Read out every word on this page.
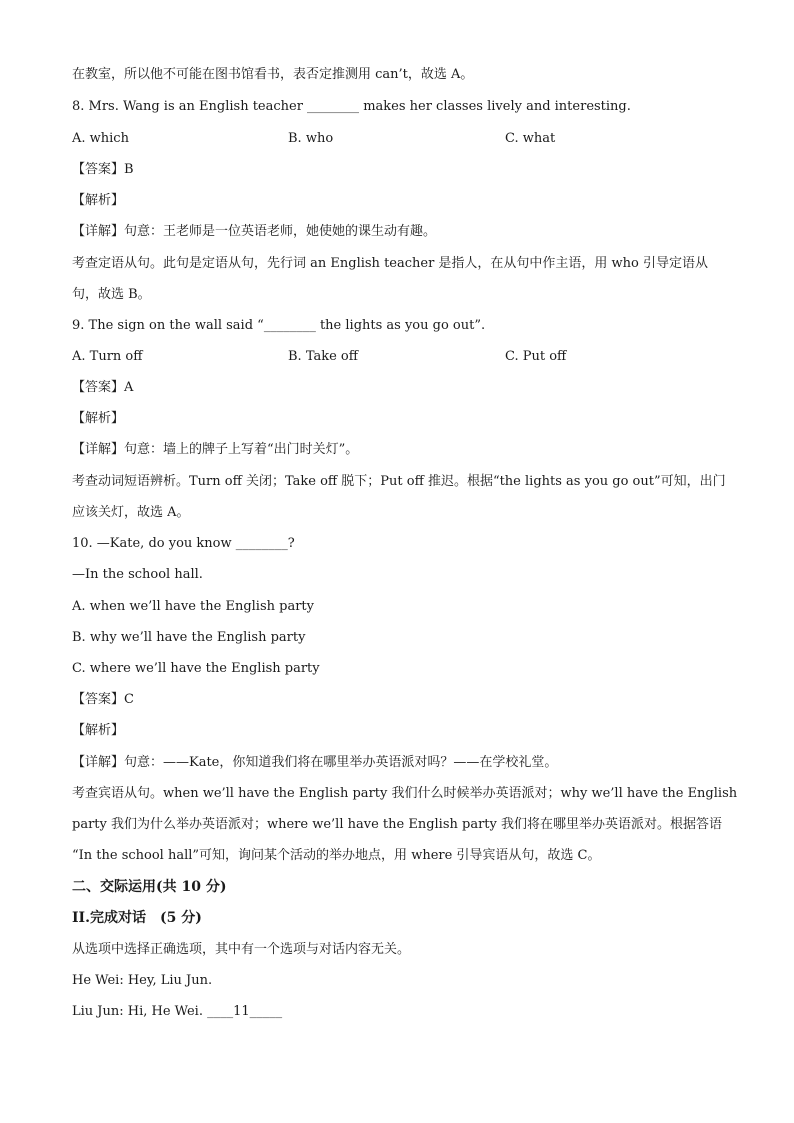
在教室，所以他不可能在图书馆看书，表否定推测用 can’t，故选 A。
8. Mrs. Wang is an English teacher ________ makes her classes lively and interesting.
A. which	B. who	C. what
【答案】B
【解析】
【详解】句意：王老师是一位英语老师，她使她的课生动有趣。
考查定语从句。此句是定语从句，先行词 an English teacher 是指人，在从句中作主语，用 who 引导定语从
句，故选 B。
9. The sign on the wall said “________ the lights as you go out”.
A. Turn off	B. Take off	C. Put off
【答案】A
【解析】
【详解】句意：墙上的牌子上写着“出门时关灯”。
考查动词短语辨析。Turn off 关闭；Take off 脱下；Put off 推迟。根据“the lights as you go out”可知，出门
应该关灯，故选 A。
10. —Kate, do you know ________?
—In the school hall.
A. when we’ll have the English party
B. why we’ll have the English party
C. where we’ll have the English party
【答案】C
【解析】
【详解】句意：——Kate，你知道我们将在哪里举办英语派对吗？——在学校礼堂。
考查宾语从句。when we’ll have the English party 我们什么时候举办英语派对；why we’ll have the English
party 我们为什么举办英语派对；where we’ll have the English party 我们将在哪里举办英语派对。根据答语
“In the school hall”可知，询问某个活动的举办地点，用 where 引导宾语从句，故选 C。
二、交际运用(共 10 分)
II.完成对话　(5 分)
从选项中选择正确选项，其中有一个选项与对话内容无关。
He Wei: Hey, Liu Jun.
Liu Jun: Hi, He Wei. ____11_____
